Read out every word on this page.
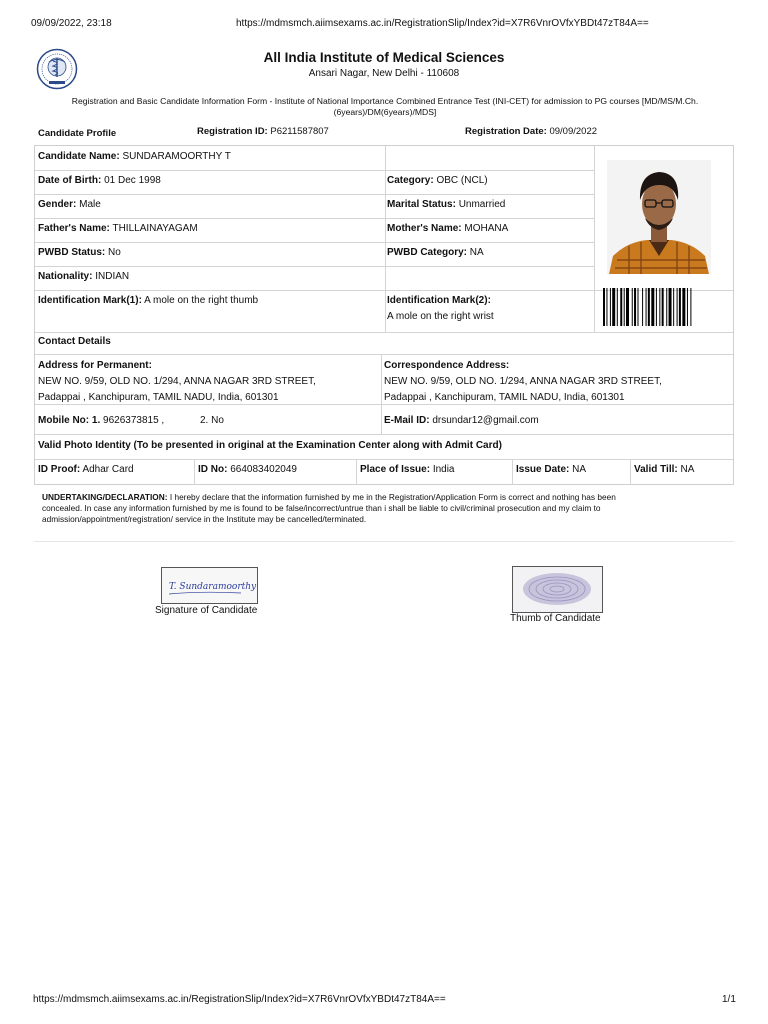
09/09/2022, 23:18	https://mdmsmch.aiimsexams.ac.in/RegistrationSlip/Index?id=X7R6VnrOVfxYBDt47zT84A==
All India Institute of Medical Sciences
Ansari Nagar, New Delhi - 110608
Registration and Basic Candidate Information Form - Institute of National Importance Combined Entrance Test (INI-CET) for admission to PG courses [MD/MS/M.Ch.
(6years)/DM(6years)/MDS]
Candidate Profile	Registration ID: P6211587807	Registration Date: 09/09/2022
Candidate Name: SUNDARAMOORTHY T
Date of Birth: 01 Dec 1998	Category: OBC (NCL)
Gender: Male	Marital Status: Unmarried
Father's Name: THILLAINAYAGAM	Mother's Name: MOHANA
PWBD Status: No	PWBD Category: NA
Nationality: INDIAN
Identification Mark(1): A mole on the right thumb	Identification Mark(2):
A mole on the right wrist
Contact Details
Address for Permanent:
NEW NO. 9/59, OLD NO. 1/294, ANNA NAGAR 3RD STREET,
Padappai , Kanchipuram, TAMIL NADU, India, 601301
Correspondence Address:
NEW NO. 9/59, OLD NO. 1/294, ANNA NAGAR 3RD STREET,
Padappai , Kanchipuram, TAMIL NADU, India, 601301
Mobile No: 1. 9626373815 ,	2. No	E-Mail ID: drsundar12@gmail.com
Valid Photo Identity (To be presented in original at the Examination Center along with Admit Card)
ID Proof: Adhar Card	ID No: 664083402049	Place of Issue: India	Issue Date: NA	Valid Till: NA
UNDERTAKING/DECLARATION: I hereby declare that the information furnished by me in the Registration/Application Form is correct and nothing has been
concealed. In case any information furnished by me is found to be false/incorrect/untrue than i shall be liable to civil/criminal prosecution and my claim to
admission/appointment/registration/ service in the Institute may be cancelled/terminated.
T. Sundaramoorthy
Signature of Candidate
Thumb of Candidate
https://mdmsmch.aiimsexams.ac.in/RegistrationSlip/Index?id=X7R6VnrOVfxYBDt47zT84A==	1/1
